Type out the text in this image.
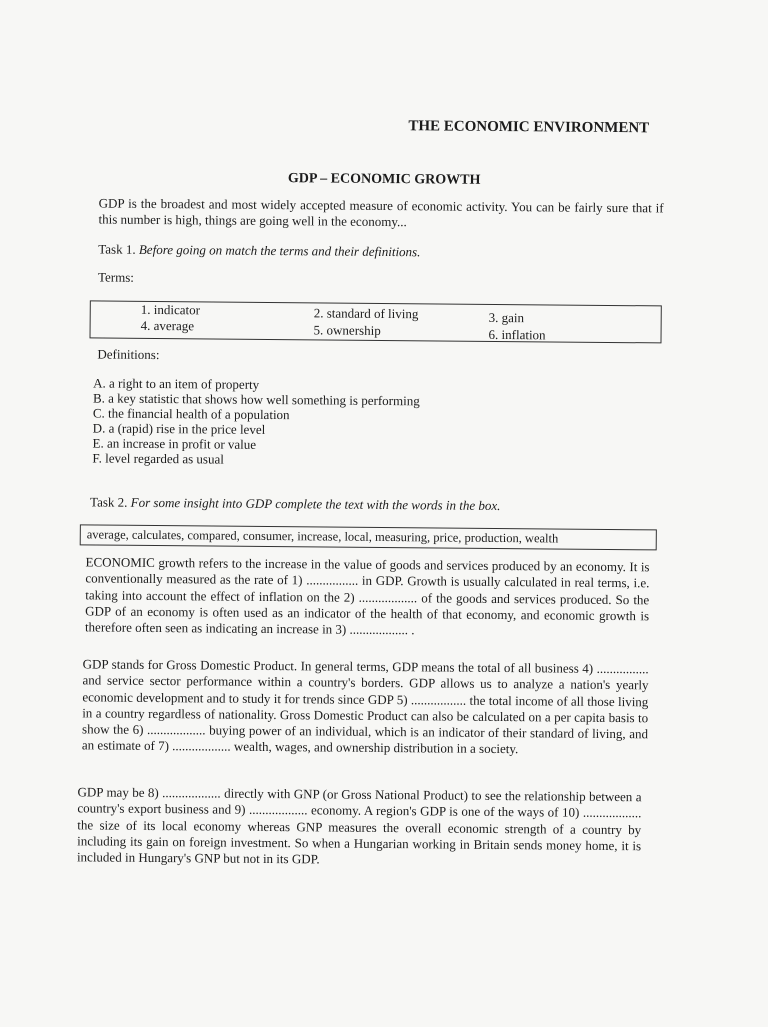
THE ECONOMIC ENVIRONMENT
GDP – ECONOMIC GROWTH

GDP is the broadest and most widely accepted measure of economic activity. You can be fairly sure that if this number is high, things are going well in the economy...

Task 1. Before going on match the terms and their definitions.
Terms:
1. indicator	2. standard of living	3. gain
4. average	5. ownership	6. inflation
Definitions:
A. a right to an item of property
B. a key statistic that shows how well something is performing
C. the financial health of a population
D. a (rapid) rise in the price level
E. an increase in profit or value
F. level regarded as usual
Task 2. For some insight into GDP complete the text with the words in the box.
average, calculates, compared, consumer, increase, local, measuring, price, production, wealth

ECONOMIC growth refers to the increase in the value of goods and services produced by an economy. It is conventionally measured as the rate of 1) ................ in GDP. Growth is usually calculated in real terms, i.e. taking into account the effect of inflation on the 2) .................. of the goods and services produced. So the GDP of an economy is often used as an indicator of the health of that economy, and economic growth is therefore often seen as indicating an increase in 3) .................. .

GDP stands for Gross Domestic Product. In general terms, GDP means the total of all business 4) ................ and service sector performance within a country's borders. GDP allows us to analyze a nation's yearly economic development and to study it for trends since GDP 5) ................. the total income of all those living in a country regardless of nationality. Gross Domestic Product can also be calculated on a per capita basis to show the 6) .................. buying power of an individual, which is an indicator of their standard of living, and an estimate of 7) .................. wealth, wages, and ownership distribution in a society.

GDP may be 8) .................. directly with GNP (or Gross National Product) to see the relationship between a country's export business and 9) .................. economy. A region's GDP is one of the ways of 10) .................. the size of its local economy whereas GNP measures the overall economic strength of a country by including its gain on foreign investment. So when a Hungarian working in Britain sends money home, it is included in Hungary's GNP but not in its GDP.
